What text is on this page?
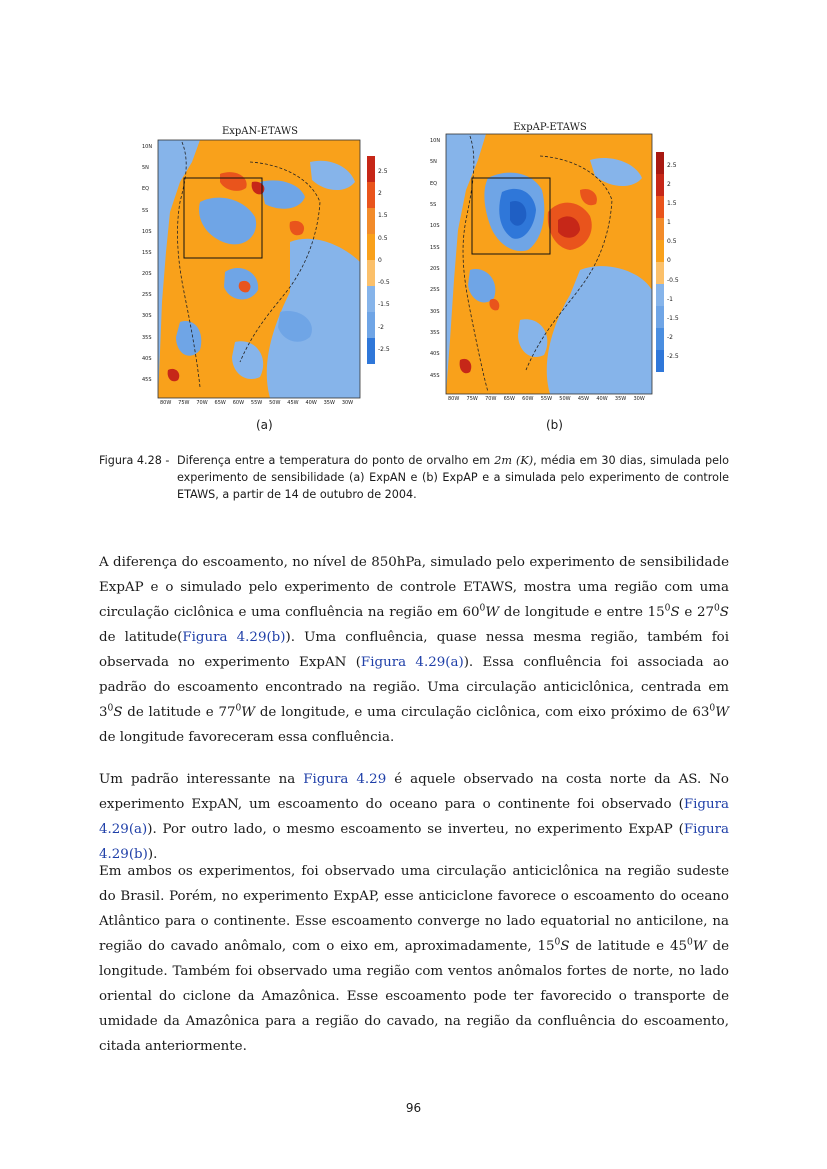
ExpAN-ETAWS
2.5
2
1.5
0.5
0
-0.5
-1.5
-2
-2.5
10N
5N
EQ
5S
10S
15S
20S
25S
30S
35S
40S
45S
80W 75W 70W 65W 60W 55W 50W 45W 40W 35W 30W
(a)
ExpAP-ETAWS
2.5
2
1.5
1
0.5
0
-0.5
-1
-1.5
-2
-2.5
10N
5N
EQ
5S
10S
15S
20S
25S
30S
35S
40S
45S
80W 75W 70W 65W 60W 55W 50W 45W 40W 35W 30W
(b)
Figura 4.28 - Diferença entre a temperatura do ponto de orvalho em 2m (K), média em 30 dias, simulada pelo experimento de sensibilidade (a) ExpAN e (b) ExpAP e a simulada pelo experimento de controle ETAWS, a partir de 14 de outubro de 2004.
A diferença do escoamento, no nível de 850hPa, simulado pelo experimento de sensibilidade ExpAP e o simulado pelo experimento de controle ETAWS, mostra uma região com uma circulação ciclônica e uma confluência na região em $60^0W$ de longitude e entre $15^0S$ e $27^0S$ de latitude(Figura 4.29(b)). Uma confluência, quase nessa mesma região, também foi observada no experimento ExpAN (Figura 4.29(a)). Essa confluência foi associada ao padrão do escoamento encontrado na região. Uma circulação anticiclônica, centrada em $3^0S$ de latitude e $77^0W$ de longitude, e uma circulação ciclônica, com eixo próximo de $63^0W$ de longitude favoreceram essa confluência.
Um padrão interessante na Figura 4.29 é aquele observado na costa norte da AS. No experimento ExpAN, um escoamento do oceano para o continente foi observado (Figura 4.29(a)). Por outro lado, o mesmo escoamento se inverteu, no experimento ExpAP (Figura 4.29(b)).
Em ambos os experimentos, foi observado uma circulação anticiclônica na região sudeste do Brasil. Porém, no experimento ExpAP, esse anticiclone favorece o escoamento do oceano Atlântico para o continente. Esse escoamento converge no lado equatorial no anticilone, na região do cavado anômalo, com o eixo em, aproximadamente, $15^0S$ de latitude e $45^0W$ de longitude. Também foi observado uma região com ventos anômalos fortes de norte, no lado oriental do ciclone da Amazônica. Esse escoamento pode ter favorecido o transporte de umidade da Amazônica para a região do cavado, na região da confluência do escoamento, citada anteriormente.
96
